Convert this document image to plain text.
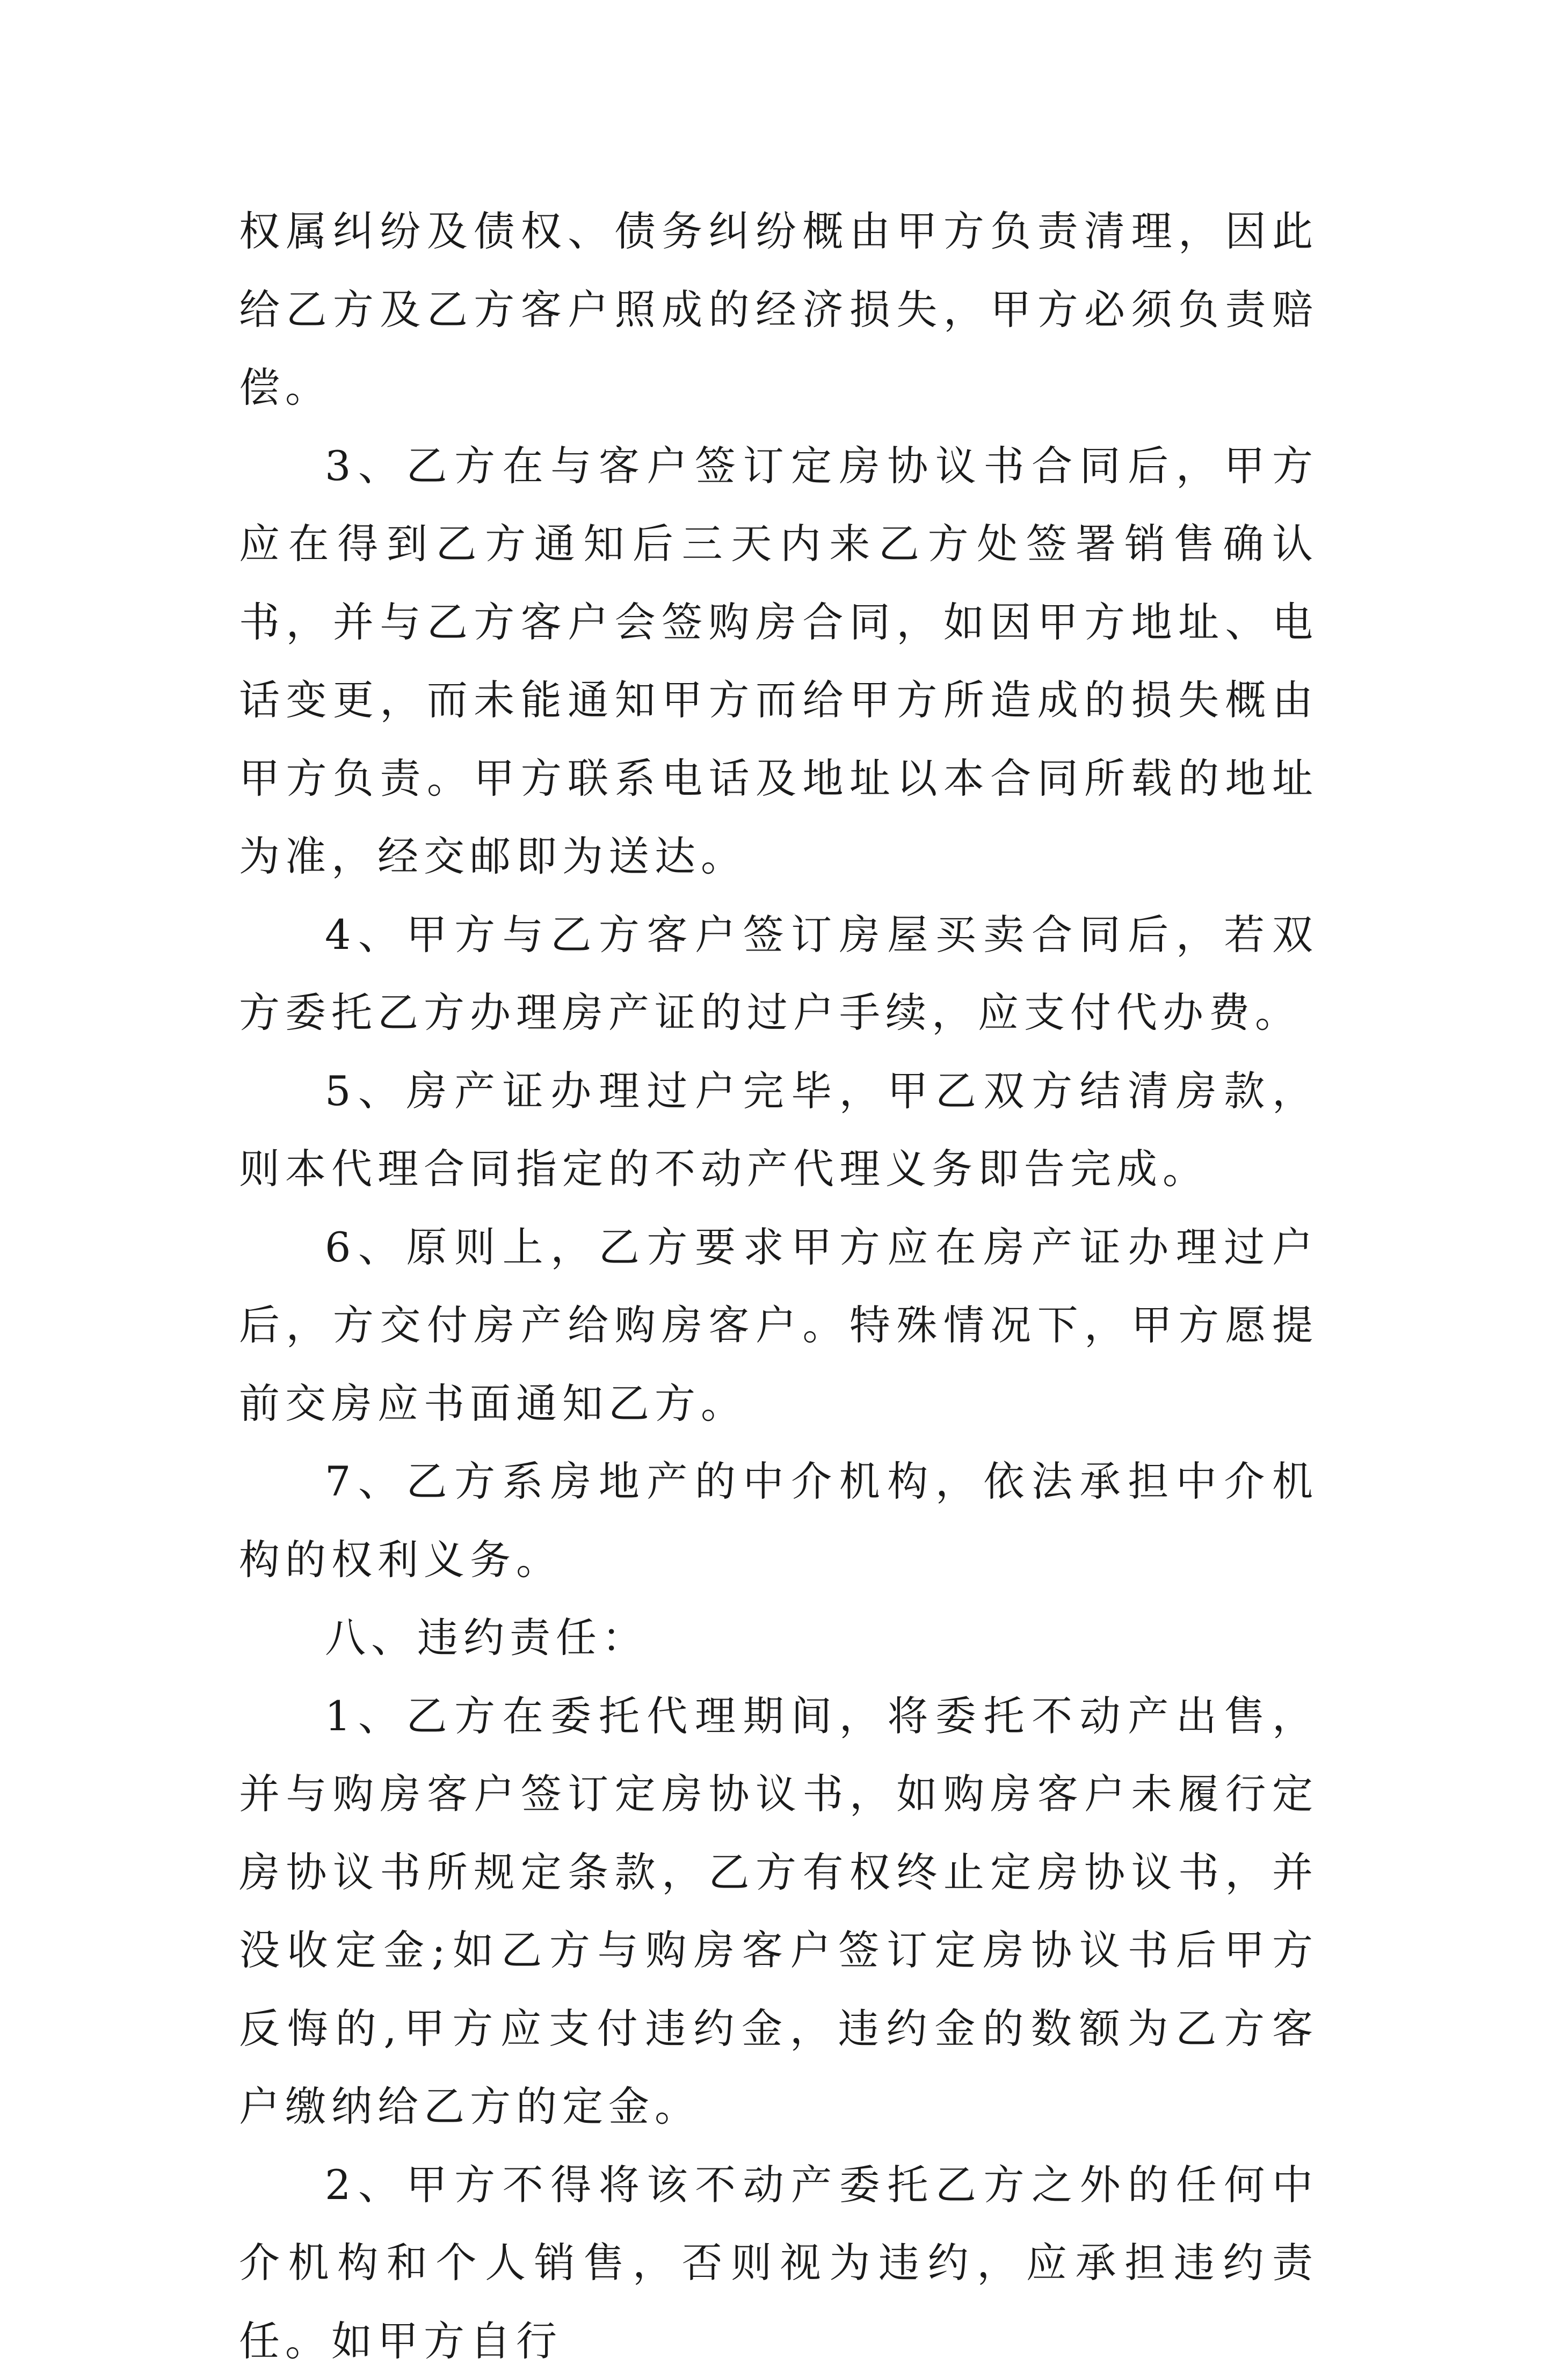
权属纠纷及债权、债务纠纷概由甲方负责清理，因此给乙方及乙方客户照成的经济损失，甲方必须负责赔偿。

3、乙方在与客户签订定房协议书合同后，甲方应在得到乙方通知后三天内来乙方处签署销售确认书，并与乙方客户会签购房合同，如因甲方地址、电话变更，而未能通知甲方而给甲方所造成的损失概由甲方负责。甲方联系电话及地址以本合同所载的地址为准，经交邮即为送达。

4、甲方与乙方客户签订房屋买卖合同后，若双方委托乙方办理房产证的过户手续，应支付代办费。

5、房产证办理过户完毕，甲乙双方结清房款，则本代理合同指定的不动产代理义务即告完成。

6、原则上，乙方要求甲方应在房产证办理过户后，方交付房产给购房客户。特殊情况下，甲方愿提前交房应书面通知乙方。

7、乙方系房地产的中介机构，依法承担中介机构的权利义务。

八、违约责任：

1、乙方在委托代理期间，将委托不动产出售，并与购房客户签订定房协议书，如购房客户未履行定房协议书所规定条款，乙方有权终止定房协议书，并没收定金;如乙方与购房客户签订定房协议书后甲方反悔的,甲方应支付违约金，违约金的数额为乙方客户缴纳给乙方的定金。

2、甲方不得将该不动产委托乙方之外的任何中介机构和个人销售，否则视为违约，应承担违约责任。如甲方自行
